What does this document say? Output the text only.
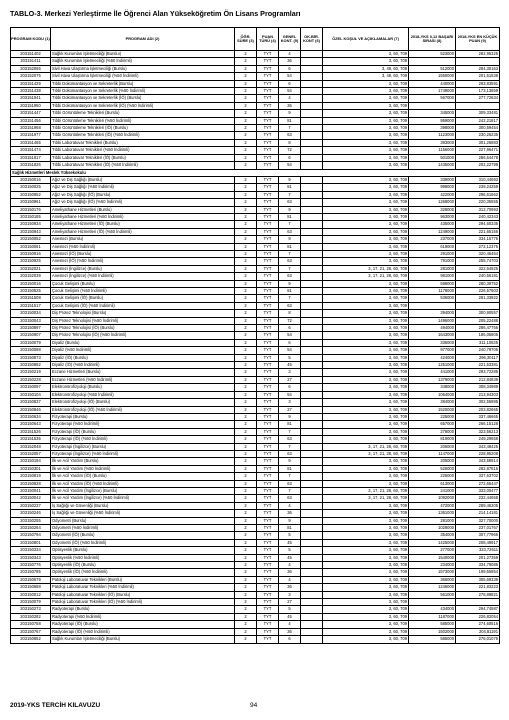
TABLO-3. Merkezi Yerleştirme İle Öğrenci Alan Yükseköğretim Ön Lisans Programları
PROGRAM KODU (1)	PROGRAM ADI (2)	ÖĞR. SÜRE (3)	PUAN TÜRÜ (4)	GENEL KONT. (5)	OK.BİR. KONT (6)	ÖZEL KOŞUL VE AÇIKLAMALAR (7)	2018-YKS 0,12 BAŞARI SIRASI (8)	2018-YKS EN KÜÇÜK PUAN (9)
203151402	Sağlık Kurumları İşletmeciliği (Bursluı)	2	TYT	4		3, 60, 709	523000	282,95325
203151411	Sağlık Kurumları İşletmeciliği (%50 İndirimli)	2	TYT	36		3, 60, 709		
203152066	Sivil Hava Ulaştırma İşletmeciliği (Burslu)	2	TYT	6		3, 49, 60, 709	512000	284,30163
203152075	Sivil Hava Ulaştırma İşletmeciliği (%50 İndirimli)	2	TYT	54		3, 49, 60, 709	1550000	201,51538
203151429	Tıbbi Dokümantasyon ve Sekreterlik (Burslu)	2	TYT	6		3, 60, 709	440000	293,83591
203151438	Tıbbi Dokümantasyon ve Sekreterlik (%50 İndirimli)	2	TYT	54		3, 60, 709	1749000	173,13659
203151941	Tıbbi Dokümantasyon ve Sekreterlik (İÖ) (Burslu)	2	TYT	4		3, 60, 709	567000	277,72634
203151950	Tıbbi Dokümantasyon ve Sekreterlik (İÖ) (%50 İndirimli)	2	TYT	36		3, 60, 709		
203151447	Tıbbi Görüntüleme Teknikleri (Burslu)	2	TYT	9		3, 60, 709	345000	309,33481
203151456	Tıbbi Görüntüleme Teknikleri (%50 İndirimli)	2	TYT	81		3, 60, 709	959000	242,21817
203151968	Tıbbi Görüntüleme Teknikleri (İÖ) (Burslu)	2	TYT	7		3, 60, 709	398000	300,59454
203151977	Tıbbi Görüntüleme Teknikleri (İÖ) (%50 İndirimli)	2	TYT	63		3, 60, 709	1123000	230,26235
203151465	Tıbbi Laboratuvar Teknikleri (Burslu)	2	TYT	8		3, 60, 709	393000	301,26883
203151474	Tıbbi Laboratuvar Teknikleri (%50 İndirimli)	2	TYT	72		3, 60, 709	1156000	227,96471
203151817	Tıbbi Laboratuvar Teknikleri (İÖ) (Burslu)	2	TYT	6		3, 60, 709	501000	286,64478
203151826	Tıbbi Laboratuvar Teknikleri (İÖ) (%50 İndirimli)	2	TYT	54		3, 60, 709	1435000	202,22799
Sağlık Hizmetleri Meslek Yüksekokulu								
203150016	Ağız ve Diş Sağlığı (Burslu)	2	TYT	9		3, 60, 709	339000	310,44693
203150025	Ağız ve Diş Sağlığı (%50 İndirimli)	2	TYT	81		3, 60, 709	998000	239,24259
203150952	Ağız ve Diş Sağlığı (İÖ) (Burslu)	2	TYT	7		3, 60, 709	422000	296,61662
203150961	Ağız ve Diş Sağlığı (İÖ) (%50 İndirimli)	2	TYT	63		3, 60, 709	1268000	220,35555
203150176	Ameliyathane Hizmetleri (Burslu)	2	TYT	9		3, 60, 709	328000	312,70993
203150185	Ameliyathane Hizmetleri (%50 İndirimli)	2	TYT	81		3, 60, 709	963000	240,42343
203150934	Ameliyathane Hizmetleri (İÖ) (Burslu)	2	TYT	7		3, 60, 709	435000	294,60335
203150943	Ameliyathane Hizmetleri (İÖ) (%50 İndirimli)	2	TYT	63		3, 60, 709	1249000	221,65156
203150052	Anestezi (Burslu)	2	TYT	9		3, 60, 709	237000	334,15776
203150061	Anestezi (%50 İndirimli)	2	TYT	81		3, 60, 709	619000	272,12375
203150916	Anestezi (İÖ) (Burslu)	2	TYT	7		3, 60, 709	291000	320,45454
203150925	Anestezi (İÖ) (%50 İndirimli)	2	TYT	63		3, 60, 709	791000	255,74703
203152021	Anestezi (İngilizce) (Burslu)	2	TYT	7		3, 17, 21, 28, 60, 709	281000	322,64925
203152039	Anestezi (İngilizce) (%50 İndirimli)	2	TYT	63		3, 17, 21, 28, 60, 709	981000	240,56181
203150016	Çocuk Gelişimi (Burslu)	2	TYT	9		3, 60, 709	598000	280,39752
203150525	Çocuk Gelişimi (%50 İndirimli)	2	TYT	81		3, 60, 709	1178000	226,57503
203151508	Çocuk Gelişimi (İÖ) (Burslu)	2	TYT	7		3, 60, 709	536000	281,33922
203151517	Çocuk Gelişimi (İÖ) (%50 İndirimli)	2	TYT	63		3, 60, 709		
203150034	Diş Protez Teknolojisi (Burslu)	2	TYT	8		3, 60, 709	394000	300,90557
203150043	Diş Protez Teknolojisi (%50 İndirimli)	2	TYT	72		3, 60, 709	1496000	205,22488
203150897	Diş Protez Teknolojisi (İÖ) (Burslu)	2	TYT	6		3, 60, 709	494000	286,47756
203150907	Diş Protez Teknolojisi (İÖ) (%50 İndirimli)	2	TYT	54		3, 60, 709	1643000	186,05805
203150079	Diyaliz (Burslu)	2	TYT	6		3, 60, 709	336000	311,10635
203150088	Diyaliz (%50 İndirimli)	2	TYT	54		3, 60, 709	977000	240,79705
203150873	Diyaliz (İÖ) (Burslu)	2	TYT	5		3, 60, 709	424000	296,30117
203150882	Diyaliz (İÖ) (%50 İndirimli)	2	TYT	45		3, 60, 709	1251000	221,53381
203150219	Eczane Hizmetleri (Burslu)	2	TYT	3		3, 60, 709	441000	293,72285
203150228	Eczane Hizmetleri (%50 İndirimli)	2	TYT	27		3, 60, 709	1379000	212,84839
203150097	Elektronörofizyoloji (Burslu)	2	TYT	6		3, 60, 709	348000	308,34989
203150104	Elektronörofizyoloji (%50 İndirimli)	2	TYT	54		3, 60, 709	1064000	213,94303
203150837	Elektronörofizyoloji (İÖ) (Burslu)	2	TYT	3		3, 60, 709	384000	302,55895
203150846	Elektronörofizyoloji (İÖ) (%50 İndirimli)	2	TYT	27		3, 60, 709	1520000	203,82665
203150634	Fizyoterapi (Burslu)	2	TYT	9		3, 60, 709	225000	337,46665
203150643	Fizyoterapi (%50 İndirimli)	2	TYT	81		3, 60, 709	657000	266,15128
203151526	Fizyoterapi (İÖ) (Burslu)	2	TYT	7		3, 60, 709	278000	323,56213
203151535	Fizyoterapi (İÖ) (%50 İndirimli)	2	TYT	63		3, 60, 709	819000	249,29658
203152048	Fizyoterapi (İngilizce) (Burslu)	2	TYT	7		3, 17, 21, 28, 60, 709	206000	343,48425
203152057	Fizyoterapi (İngilizce) (%50 İndirimli)	2	TYT	63		3, 17, 21, 28, 60, 709	1147000	228,95208
203150194	İlk ve Acil Yardım (Burslu)	2	TYT	9		3, 60, 709	205000	343,58914
203150301	İlk ve Acil Yardım (%50 İndirimli)	2	TYT	81		3, 60, 709	526000	282,87816
203150819	İlk ve Acil Yardım (İÖ) (Burslu)	2	TYT	7		3, 60, 709	225000	337,63702
203150828	İlk ve Acil Yardım (İÖ) (%50 İndirimli)	2	TYT	63		3, 60, 709	613000	272,65447
203150041	İlk ve Acil Yardım (İngilizce) (Burslu)	2	TYT	7		3, 17, 21, 28, 60, 709	241000	333,00477
203150042	İlk ve Acil Yardım (İngilizce) (%50 İndirimli)	2	TYT	63		3, 17, 21, 28, 60, 709	1092000	232,44658
203150237	İş Sağlığı ve Güvenliği (Burslu)	2	TYT	4		3, 60, 709	472000	289,46205
203150246	İş Sağlığı ve Güvenliği (%50 İndirimli)	2	TYT	36		3, 60, 709	1361000	214,14181
203150255	Odyometri (Burslu)	2	TYT	9		3, 60, 709	281000	327,70000
203150264	Odyometri (%50 İndirimli)	2	TYT	81		3, 60, 709	1028000	237,01767
203150794	Odyometri (İÖ) (Burslu)	2	TYT	5		3, 60, 709	354000	307,77966
203150801	Odyometri (İÖ) (%50 İndirimli)	2	TYT	45		3, 60, 709	1425000	208,49917
203150334	Optisyenlik (Burslu)	2	TYT	5		3, 60, 709	277000	323,72611
203150343	Optisyenlik (%50 İndirimli)	2	TYT	45		3, 60, 709	1540000	201,27359
203150776	Optisyenlik (İÖ) (Burslu)	2	TYT	4		3, 60, 709	234000	334,79085
203150785	Optisyenlik (İÖ) (%50 İndirimli)	2	TYT	36		3, 60, 709	1573000	199,55854
203150679	Patoloji Laboratuvar Teknikleri (Burslu)	2	TYT	4		3, 60, 709	366000	305,69339
203150688	Patoloji Laboratuvar Teknikleri (%50 İndirimli)	2	TYT	36		3, 60, 709	1246000	221,83223
203150012	Patoloji Laboratuvar Teknikleri (İÖ) (Burslu)	2	TYT	3		3, 60, 709	561000	278,89821
203150079	Patoloji Laboratuvar Teknikleri (İÖ) (%50 İndirimli)	2	TYT	27		3, 60, 709		
203150273	Radyoterapi (Burslu)	2	TYT	5		3, 60, 709	434000	294,74587
203150282	Radyoterapi (%50 İndirimli)	2	TYT	45		3, 60, 709	1187000	226,82054
203150758	Radyoterapi (İÖ) (Burslu)	2	TYT	4		3, 60, 709	585000	274,60516
203150767	Radyoterapi (İÖ) (%50 İndirimli)	2	TYT	36		3, 60, 709	1502000	204,81191
203150852	Sağlık Kurumları İşletmeciliği (Burslu)	2	TYT	6		3, 60, 709	585000	276,01075
2019-YKS TERCİH KILAVUZU	94
